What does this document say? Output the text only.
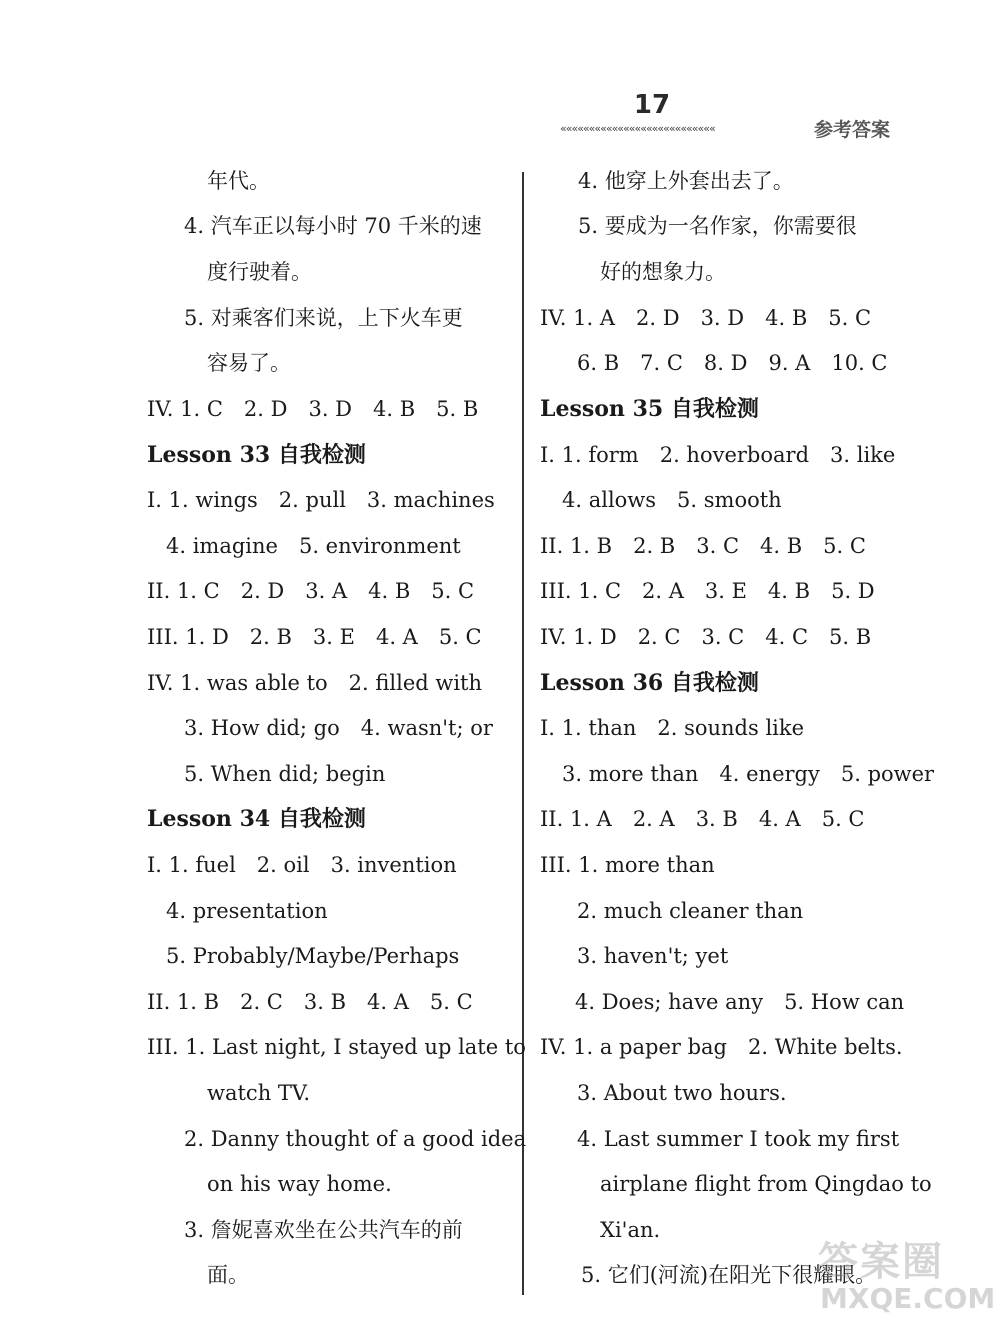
17
«««««««««««««««««««««««««««	参考答案
年代。
4. 汽车正以每小时 70 千米的速
度行驶着。
5. 对乘客们来说，上下火车更
容易了。
IV. 1. C　2. D　3. D　4. B　5. B
Lesson 33 自我检测
I. 1. wings　2. pull　3. machines
4. imagine　5. environment
II. 1. C　2. D　3. A　4. B　5. C
III. 1. D　2. B　3. E　4. A　5. C
IV. 1. was able to　2. filled with
3. How did; go　4. wasn't; or
5. When did; begin
Lesson 34 自我检测
I. 1. fuel　2. oil　3. invention
4. presentation
5. Probably/Maybe/Perhaps
II. 1. B　2. C　3. B　4. A　5. C
III. 1. Last night, I stayed up late to
watch TV.
2. Danny thought of a good idea
on his way home.
3. 詹妮喜欢坐在公共汽车的前
面。
4. 他穿上外套出去了。
5. 要成为一名作家，你需要很
好的想象力。
IV. 1. A　2. D　3. D　4. B　5. C
6. B　7. C　8. D　9. A　10. C
Lesson 35 自我检测
I. 1. form　2. hoverboard　3. like
4. allows　5. smooth
II. 1. B　2. B　3. C　4. B　5. C
III. 1. C　2. A　3. E　4. B　5. D
IV. 1. D　2. C　3. C　4. C　5. B
Lesson 36 自我检测
I. 1. than　2. sounds like
3. more than　4. energy　5. power
II. 1. A　2. A　3. B　4. A　5. C
III. 1. more than
2. much cleaner than
3. haven't; yet
4. Does; have any　5. How can
IV. 1. a paper bag　2. White belts.
3. About two hours.
4. Last summer I took my first
airplane flight from Qingdao to
Xi'an.
5. 它们(河流)在阳光下很耀眼。
答案圈
MXQE.COM
